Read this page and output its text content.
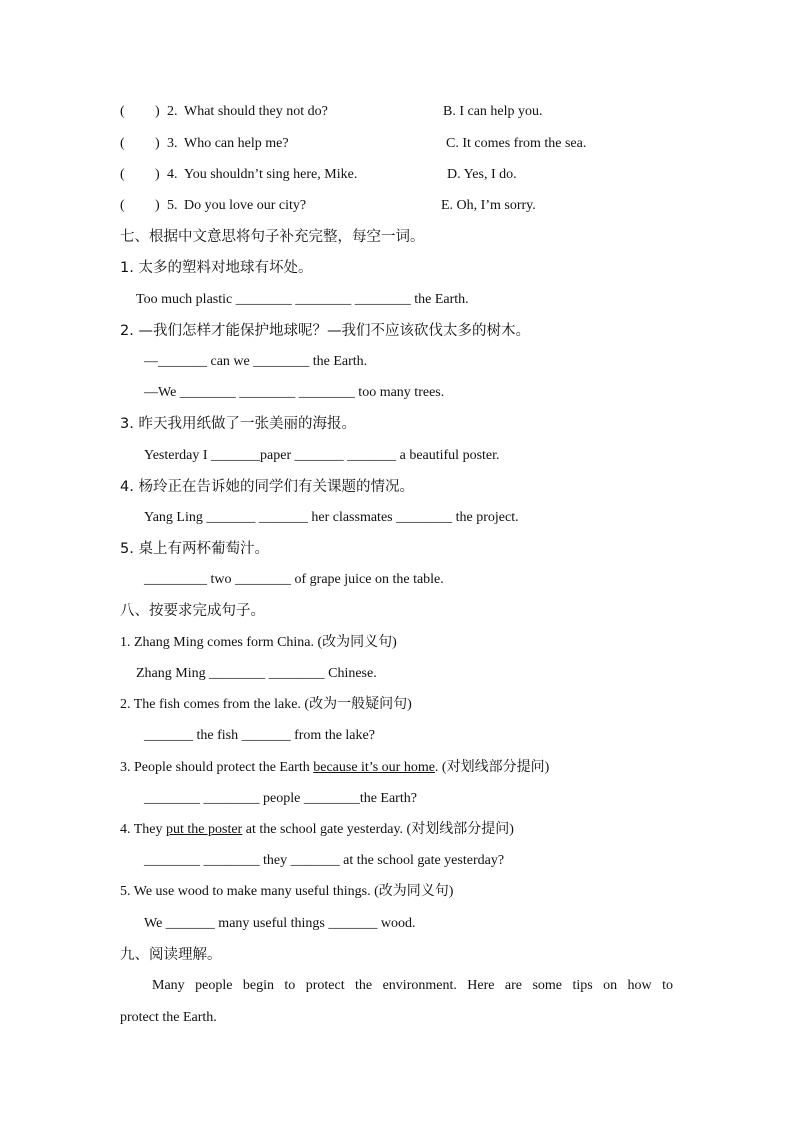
( ) 2. What should they not do?	B. I can help you.
( ) 3. Who can help me?	C. It comes from the sea.
( ) 4. You shouldn’t sing here, Mike.	D. Yes, I do.
( ) 5. Do you love our city?	E. Oh, I’m sorry.
七、根据中文意思将句子补充完整，每空一词。
1. 太多的塑料对地球有坏处。
Too much plastic ________ ________ ________ the Earth.
2. —我们怎样才能保护地球呢？—我们不应该砍伐太多的树木。
—_______ can we ________ the Earth.
—We ________ ________ ________ too many trees.
3. 昨天我用纸做了一张美丽的海报。
Yesterday I _______paper _______ _______ a beautiful poster.
4. 杨玲正在告诉她的同学们有关课题的情况。
Yang Ling _______ _______ her classmates ________ the project.
5. 桌上有两杯葡萄汁。
_________ two ________ of grape juice on the table.
八、按要求完成句子。
1. Zhang Ming comes form China. (改为同义句)
Zhang Ming ________ ________ Chinese.
2. The fish comes from the lake. (改为一般疑问句)
_______ the fish _______ from the lake?
3. People should protect the Earth because it’s our home. (对划线部分提问)
________ ________ people ________the Earth?
4. They put the poster at the school gate yesterday. (对划线部分提问)
________ ________ they _______ at the school gate yesterday?
5. We use wood to make many useful things. (改为同义句)
We _______ many useful things _______ wood.
九、阅读理解。
Many people begin to protect the environment. Here are some tips on how to
protect the Earth.
